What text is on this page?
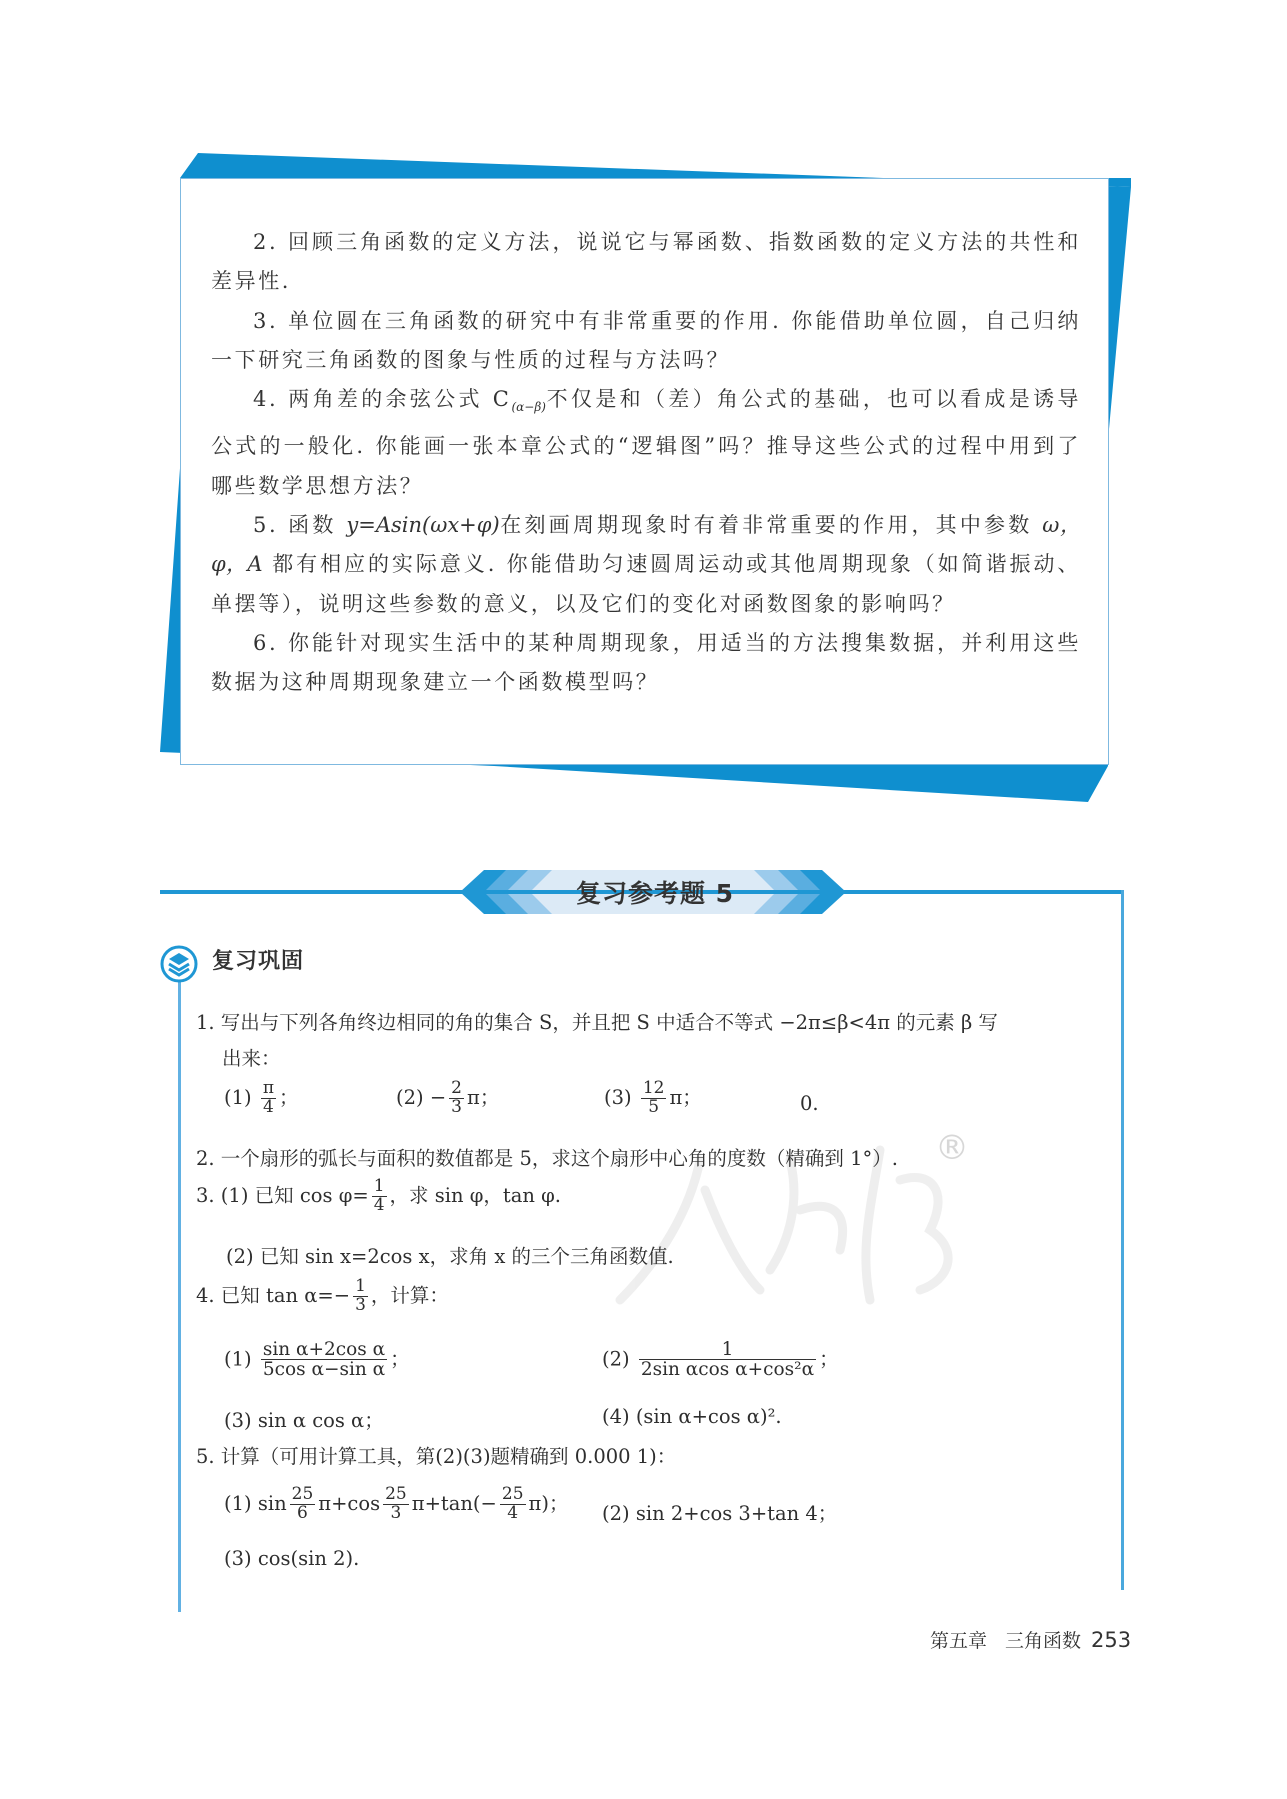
2. 回顾三角函数的定义方法，说说它与幂函数、指数函数的定义方法的共性和差异性.

3. 单位圆在三角函数的研究中有非常重要的作用. 你能借助单位圆，自己归纳一下研究三角函数的图象与性质的过程与方法吗？

4. 两角差的余弦公式 $C_{(\alpha-\beta)}$不仅是和（差）角公式的基础，也可以看成是诱导公式的一般化. 你能画一张本章公式的“逻辑图”吗？推导这些公式的过程中用到了哪些数学思想方法？

5. 函数 y=Asin(ωx+φ)在刻画周期现象时有着非常重要的作用，其中参数 ω，φ，A 都有相应的实际意义. 你能借助匀速圆周运动或其他周期现象（如简谐振动、单摆等），说明这些参数的意义，以及它们的变化对函数图象的影响吗？

6. 你能针对现实生活中的某种周期现象，用适当的方法搜集数据，并利用这些数据为这种周期现象建立一个函数模型吗？

复习参考题 5
复习巩固
1. 写出与下列各角终边相同的角的集合 S，并且把 S 中适合不等式 −2π≤β<4π 的元素 β 写
出来：
$(1) \frac{\pi}{4}$ ；	$(2) - \frac{2}{3}$ π；	$(3) \frac{12}{5}$ π；	0.
2. 一个扇形的弧长与面积的数值都是 5，求这个扇形中心角的度数（精确到 1°）.
3. (1) 已知 $\cos \varphi= \frac{1}{4}$ ，求 sin φ，tan φ.
(2) 已知 sin x=2cos x，求角 x 的三个三角函数值.
4. 已知 $\tan \alpha=- \frac{1}{3}$ ，计算：
$(1) \frac{\text{sin α+2cos α}}{\text{5cos α−sin α}}$ ；	$(2) \frac{1}{\text{2sin αcos α+cos²α}}$ ；
(3) sin α cos α；	(4) (sin α+cos α)².
5. 计算（可用计算工具，第(2)(3)题精确到 0.000 1)：
(1) $\sin \frac{25}{6} \pi+\cos \frac{25}{3} \pi+\tan(- \frac{25}{4} \pi)$； (2) sin 2+cos 3+tan 4；
(3) cos(sin 2).
®
第五章 三角函数 253
